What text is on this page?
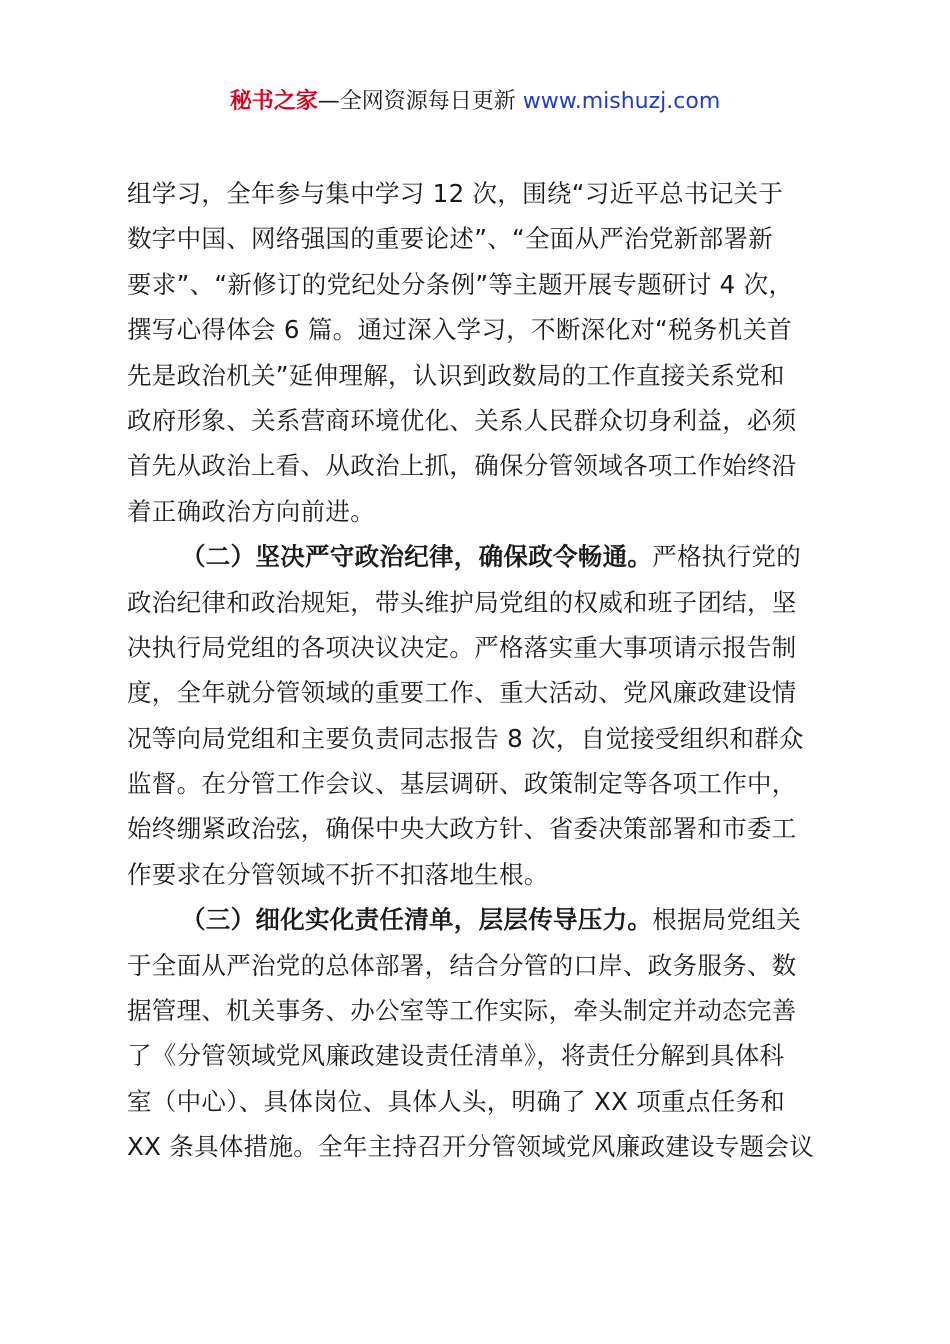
秘书之家—全网资源每日更新 www.mishuzj.com
组学习，全年参与集中学习 12 次，围绕“习近平总书记关于
数字中国、网络强国的重要论述”、“全面从严治党新部署新
要求”、“新修订的党纪处分条例”等主题开展专题研讨 4 次，
撰写心得体会 6 篇。通过深入学习，不断深化对“税务机关首
先是政治机关”延伸理解，认识到政数局的工作直接关系党和
政府形象、关系营商环境优化、关系人民群众切身利益，必须
首先从政治上看、从政治上抓，确保分管领域各项工作始终沿
着正确政治方向前进。
（二）坚决严守政治纪律，确保政令畅通。严格执行党的
政治纪律和政治规矩，带头维护局党组的权威和班子团结，坚
决执行局党组的各项决议决定。严格落实重大事项请示报告制
度，全年就分管领域的重要工作、重大活动、党风廉政建设情
况等向局党组和主要负责同志报告 8 次，自觉接受组织和群众
监督。在分管工作会议、基层调研、政策制定等各项工作中，
始终绷紧政治弦，确保中央大政方针、省委决策部署和市委工
作要求在分管领域不折不扣落地生根。
（三）细化实化责任清单，层层传导压力。根据局党组关
于全面从严治党的总体部署，结合分管的口岸、政务服务、数
据管理、机关事务、办公室等工作实际，牵头制定并动态完善
了《分管领域党风廉政建设责任清单》，将责任分解到具体科
室（中心）、具体岗位、具体人头，明确了 XX 项重点任务和
XX 条具体措施。全年主持召开分管领域党风廉政建设专题会议
